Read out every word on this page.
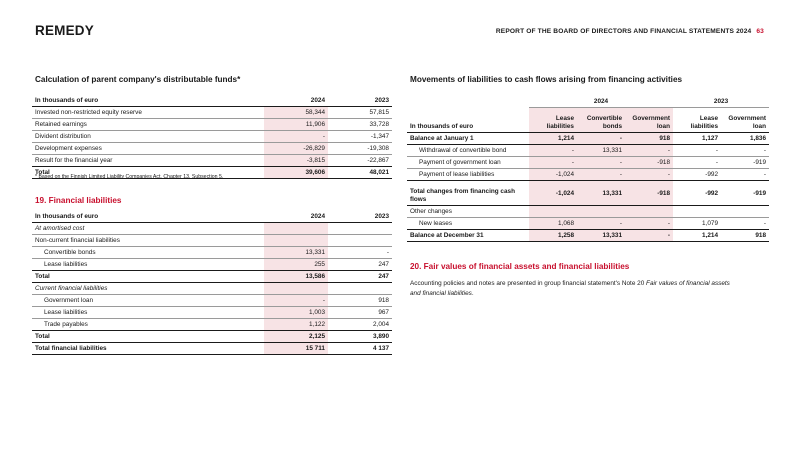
REMEDY	REPORT OF THE BOARD OF DIRECTORS AND FINANCIAL STATEMENTS 2024 63
Calculation of parent company's distributable funds*
In thousands of euro	2024	2023
Invested non-restricted equity reserve	58,344	57,815
Retained earnings	11,906	33,728
Divident distribution	-	-1,347
Development expenses	-26,829	-19,308
Result for the financial year	-3,815	-22,867
Total	39,606	48,021
* Based on the Finnish Limited Liability Companies Act, Chapter 13, Subsection 5.
19. Financial liabilities
In thousands of euro	2024	2023
At amortised cost		
Non-current financial liabilities		
Convertible bonds	13,331	-
Lease liabilities	255	247
Total	13,586	247
Current financial liabilities		
Government loan	-	918
Lease liabilities	1,003	967
Trade payables	1,122	2,004
Total	2,125	3,890
Total financial liabilities	15 711	4 137
Movements of liabilities to cash flows arising from financing activities
	2024			2023	
In thousands of euro	Lease liabilities	Convertible bonds	Government loan	Lease liabilities	Government loan
Balance at January 1	1,214	-	918	1,127	1,836
Withdrawal of convertible bond	-	13,331	-	-	-
Payment of government loan	-	-	-918	-	-919
Payment of lease liabilities	-1,024	-	-	-992	-
Total changes from financing cash flows	-1,024	13,331	-918	-992	-919
Other changes					
New leases	1,068	-	-	1,079	-
Balance at December 31	1,258	13,331	-	1,214	918
20. Fair values of financial assets and financial liabilities
Accounting policies and notes are presented in group financial statement's Note 20 Fair values of financial assets and financial liabilities.
